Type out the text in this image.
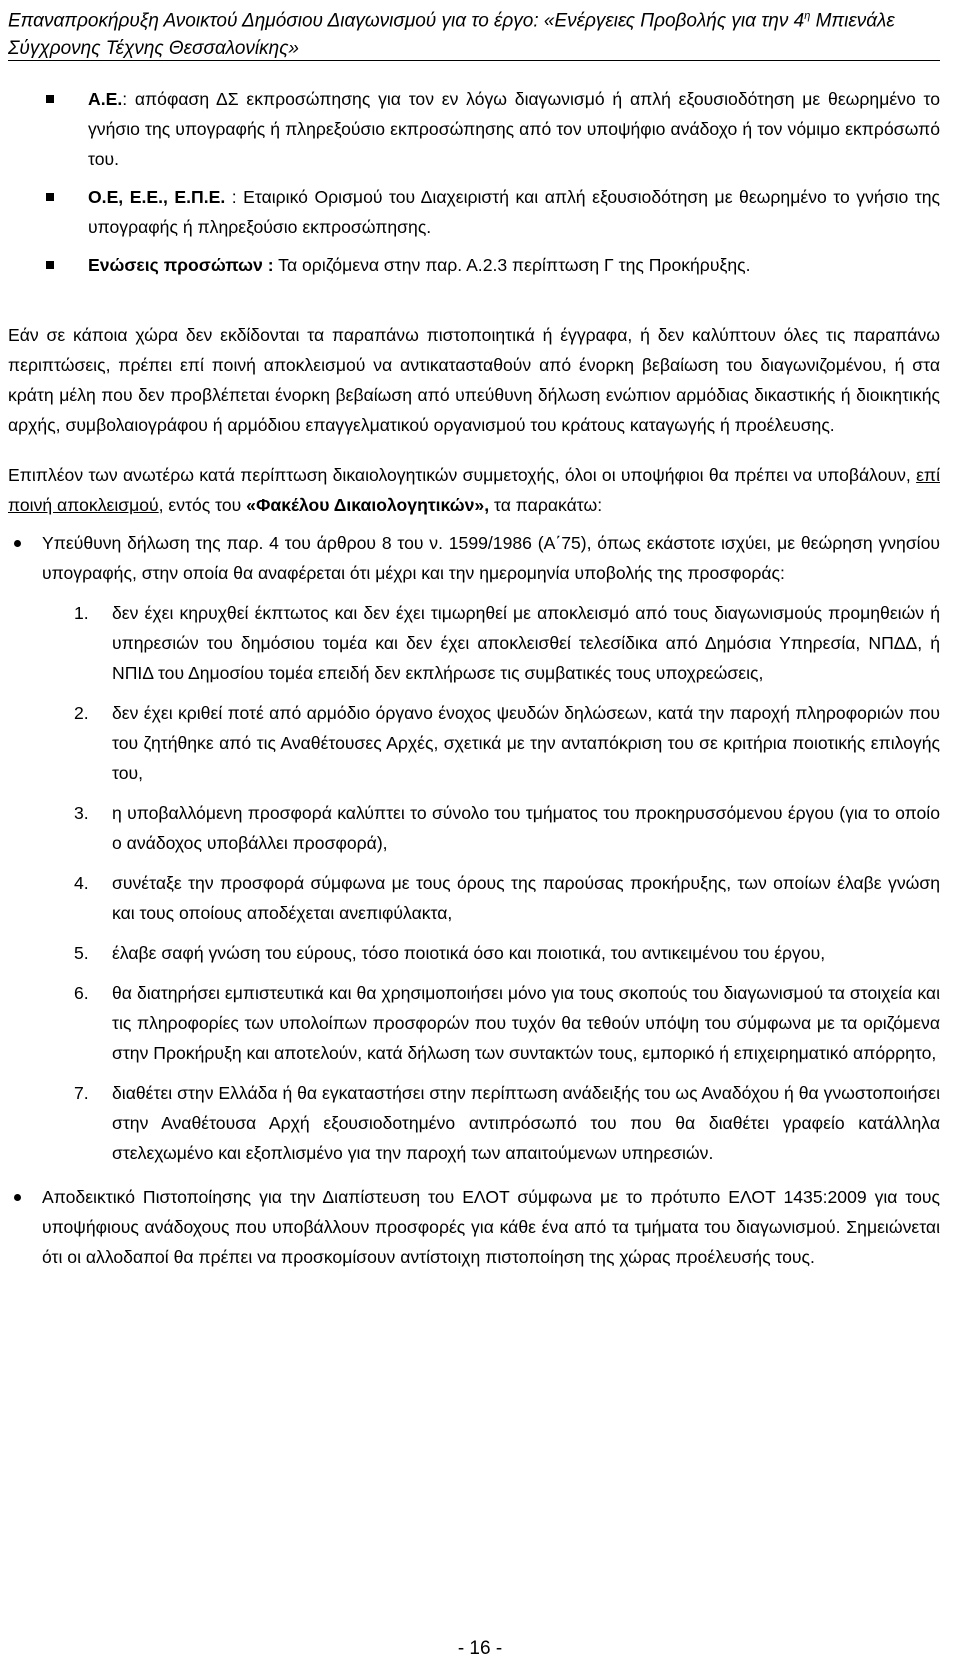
Επαναπροκήρυξη Ανοικτού Δημόσιου Διαγωνισμού για το έργο: «Ενέργειες Προβολής για την $4^\eta$ Μπιενάλε
Σύγχρονης Τέχνης Θεσσαλονίκης»
Α.Ε.: απόφαση ΔΣ εκπροσώπησης για τον εν λόγω διαγωνισμό ή απλή εξουσιοδότηση με θεωρημένο το γνήσιο της υπογραφής ή πληρεξούσιο εκπροσώπησης από τον υποψήφιο ανάδοχο ή τον νόμιμο εκπρόσωπό του.
Ο.Ε, Ε.Ε., Ε.Π.Ε. : Εταιρικό Ορισμού του Διαχειριστή και απλή εξουσιοδότηση με θεωρημένο το γνήσιο της υπογραφής ή πληρεξούσιο εκπροσώπησης.
Ενώσεις προσώπων : Τα οριζόμενα στην παρ. Α.2.3 περίπτωση Γ της Προκήρυξης.
Εάν σε κάποια χώρα δεν εκδίδονται τα παραπάνω πιστοποιητικά ή έγγραφα, ή δεν καλύπτουν όλες τις παραπάνω περιπτώσεις, πρέπει επί ποινή αποκλεισμού να αντικατασταθούν από ένορκη βεβαίωση του διαγωνιζομένου, ή στα κράτη μέλη που δεν προβλέπεται ένορκη βεβαίωση από υπεύθυνη δήλωση ενώπιον αρμόδιας δικαστικής ή διοικητικής αρχής, συμβολαιογράφου ή αρμόδιου επαγγελματικού οργανισμού του κράτους καταγωγής ή προέλευσης.
Επιπλέον των ανωτέρω κατά περίπτωση δικαιολογητικών συμμετοχής, όλοι οι υποψήφιοι θα πρέπει να υποβάλουν, επί ποινή αποκλεισμού, εντός του «Φακέλου Δικαιολογητικών», τα παρακάτω:
Υπεύθυνη δήλωση της παρ. 4 του άρθρου 8 του ν. 1599/1986 (Α΄75), όπως εκάστοτε ισχύει, με θεώρηση γνησίου υπογραφής, στην οποία θα αναφέρεται ότι μέχρι και την ημερομηνία υποβολής της προσφοράς:
1. δεν έχει κηρυχθεί έκπτωτος και δεν έχει τιμωρηθεί με αποκλεισμό από τους διαγωνισμούς προμηθειών ή υπηρεσιών του δημόσιου τομέα και δεν έχει αποκλεισθεί τελεσίδικα από Δημόσια Υπηρεσία, ΝΠΔΔ, ή ΝΠΙΔ του Δημοσίου τομέα επειδή δεν εκπλήρωσε τις συμβατικές τους υποχρεώσεις,
2. δεν έχει κριθεί ποτέ από αρμόδιο όργανο ένοχος ψευδών δηλώσεων, κατά την παροχή πληροφοριών που του ζητήθηκε από τις Αναθέτουσες Αρχές, σχετικά με την ανταπόκριση του σε κριτήρια ποιοτικής επιλογής του,
3. η υποβαλλόμενη προσφορά καλύπτει το σύνολο του τμήματος του προκηρυσσόμενου έργου (για το οποίο ο ανάδοχος υποβάλλει προσφορά),
4. συνέταξε την προσφορά σύμφωνα με τους όρους της παρούσας προκήρυξης, των οποίων έλαβε γνώση και τους οποίους αποδέχεται ανεπιφύλακτα,
5. έλαβε σαφή γνώση του εύρους, τόσο ποιοτικά όσο και ποιοτικά, του αντικειμένου του έργου,
6. θα διατηρήσει εμπιστευτικά και θα χρησιμοποιήσει μόνο για τους σκοπούς του διαγωνισμού τα στοιχεία και τις πληροφορίες των υπολοίπων προσφορών που τυχόν θα τεθούν υπόψη του σύμφωνα με τα οριζόμενα στην Προκήρυξη και αποτελούν, κατά δήλωση των συντακτών τους, εμπορικό ή επιχειρηματικό απόρρητο,
7. διαθέτει στην Ελλάδα ή θα εγκαταστήσει στην περίπτωση ανάδειξής του ως Αναδόχου ή θα γνωστοποιήσει στην Αναθέτουσα Αρχή εξουσιοδοτημένο αντιπρόσωπό του που θα διαθέτει γραφείο κατάλληλα στελεχωμένο και εξοπλισμένο για την παροχή των απαιτούμενων υπηρεσιών.
Αποδεικτικό Πιστοποίησης για την Διαπίστευση του ΕΛΟΤ σύμφωνα με το πρότυπο ΕΛΟΤ 1435:2009 για τους υποψήφιους ανάδοχους που υποβάλλουν προσφορές για κάθε ένα από τα τμήματα του διαγωνισμού. Σημειώνεται ότι οι αλλοδαποί θα πρέπει να προσκομίσουν αντίστοιχη πιστοποίηση της χώρας προέλευσής τους.
- 16 -
